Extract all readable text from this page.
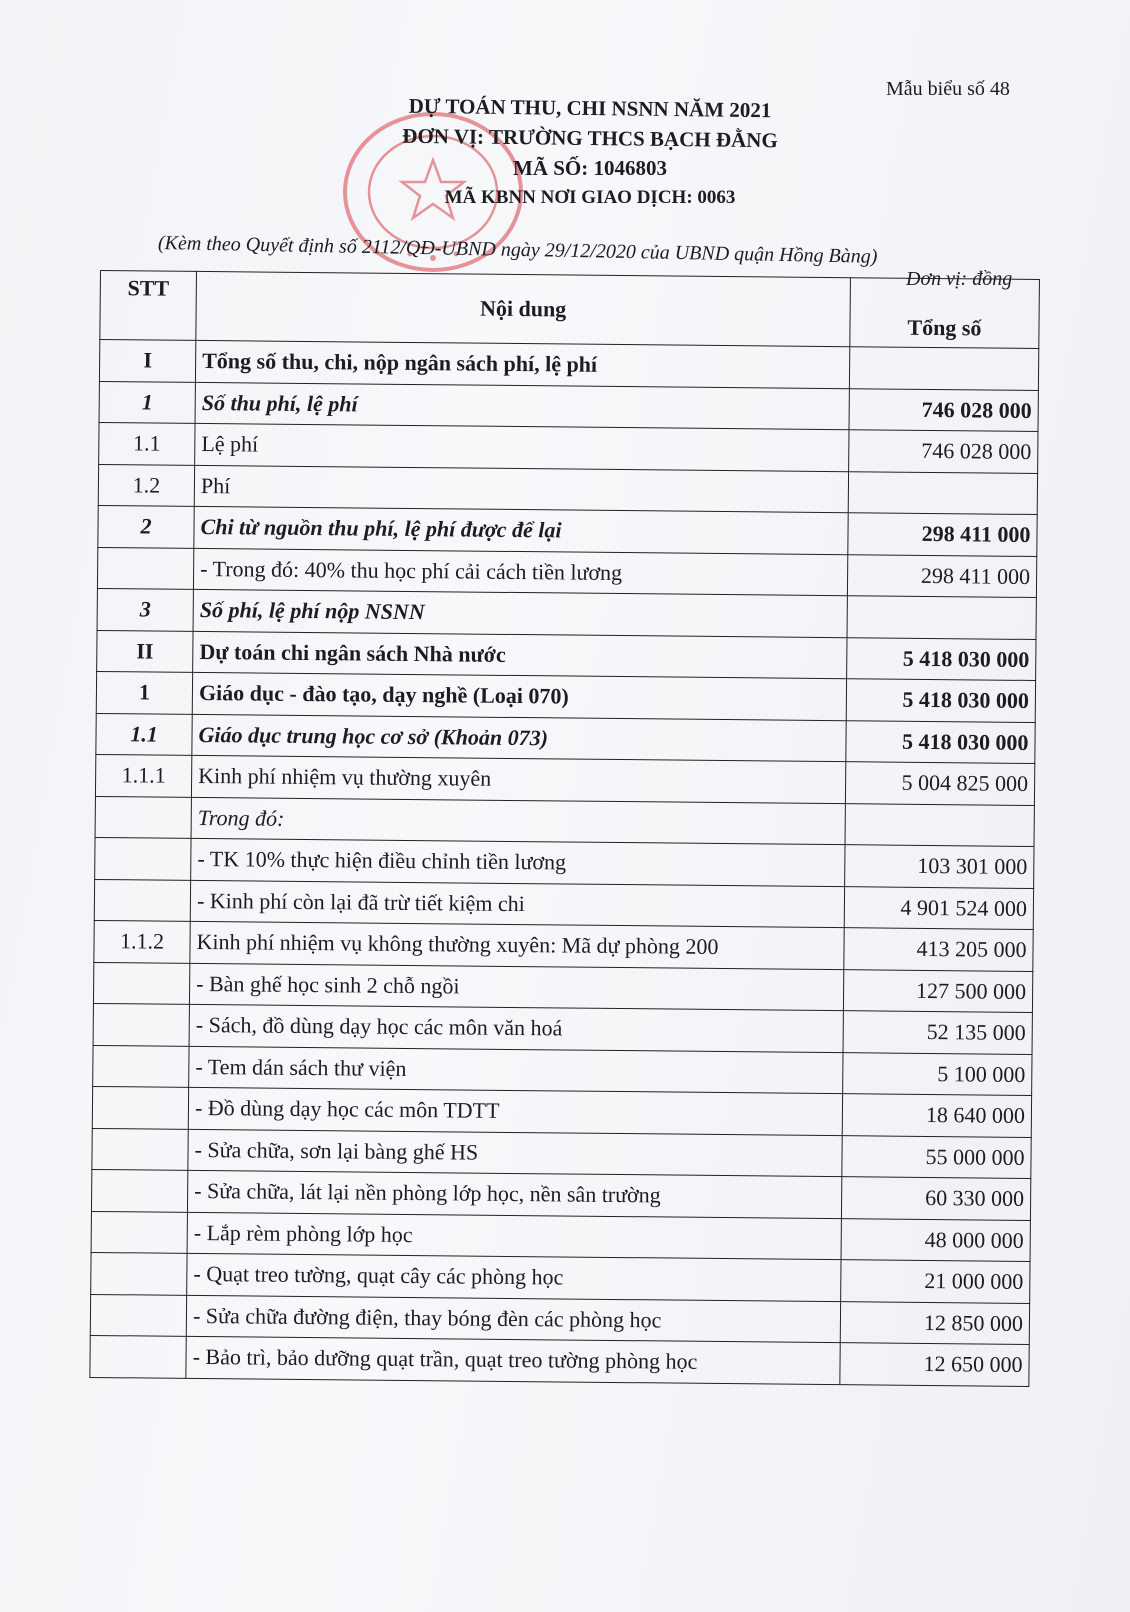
Mẫu biểu số 48
DỰ TOÁN THU, CHI NSNN NĂM 2021
ĐƠN VỊ: TRƯỜNG THCS BẠCH ĐẰNG
MÃ SỐ: 1046803
MÃ KBNN NƠI GIAO DỊCH: 0063
(Kèm theo Quyết định số 2112/QĐ-UBND ngày 29/12/2020 của UBND quận Hồng Bàng)
Đơn vị: đồng
STT	Nội dung	Tổng số
I	Tổng số thu, chi, nộp ngân sách phí, lệ phí	
1	Số thu phí, lệ phí	746 028 000
1.1	Lệ phí	746 028 000
1.2	Phí	
2	Chi từ nguồn thu phí, lệ phí được để lại	298 411 000
	- Trong đó: 40% thu học phí cải cách tiền lương	298 411 000
3	Số phí, lệ phí nộp NSNN	
II	Dự toán chi ngân sách Nhà nước	5 418 030 000
1	Giáo dục - đào tạo, dạy nghề (Loại 070)	5 418 030 000
1.1	Giáo dục trung học cơ sở (Khoản 073)	5 418 030 000
1.1.1	Kinh phí nhiệm vụ thường xuyên	5 004 825 000
	Trong đó:	
	- TK 10% thực hiện điều chỉnh tiền lương	103 301 000
	- Kinh phí còn lại đã trừ tiết kiệm chi	4 901 524 000
1.1.2	Kinh phí nhiệm vụ không thường xuyên: Mã dự phòng 200	413 205 000
	- Bàn ghế học sinh 2 chỗ ngồi	127 500 000
	- Sách, đồ dùng dạy học các môn văn hoá	52 135 000
	- Tem dán sách thư viện	5 100 000
	- Đồ dùng dạy học các môn TDTT	18 640 000
	- Sửa chữa, sơn lại bàng ghế HS	55 000 000
	- Sửa chữa, lát lại nền phòng lớp học, nền sân trường	60 330 000
	- Lắp rèm phòng lớp học	48 000 000
	- Quạt treo tường, quạt cây các phòng học	21 000 000
	- Sửa chữa đường điện, thay bóng đèn các phòng học	12 850 000
	- Bảo trì, bảo dưỡng quạt trần, quạt treo tường phòng học	12 650 000
